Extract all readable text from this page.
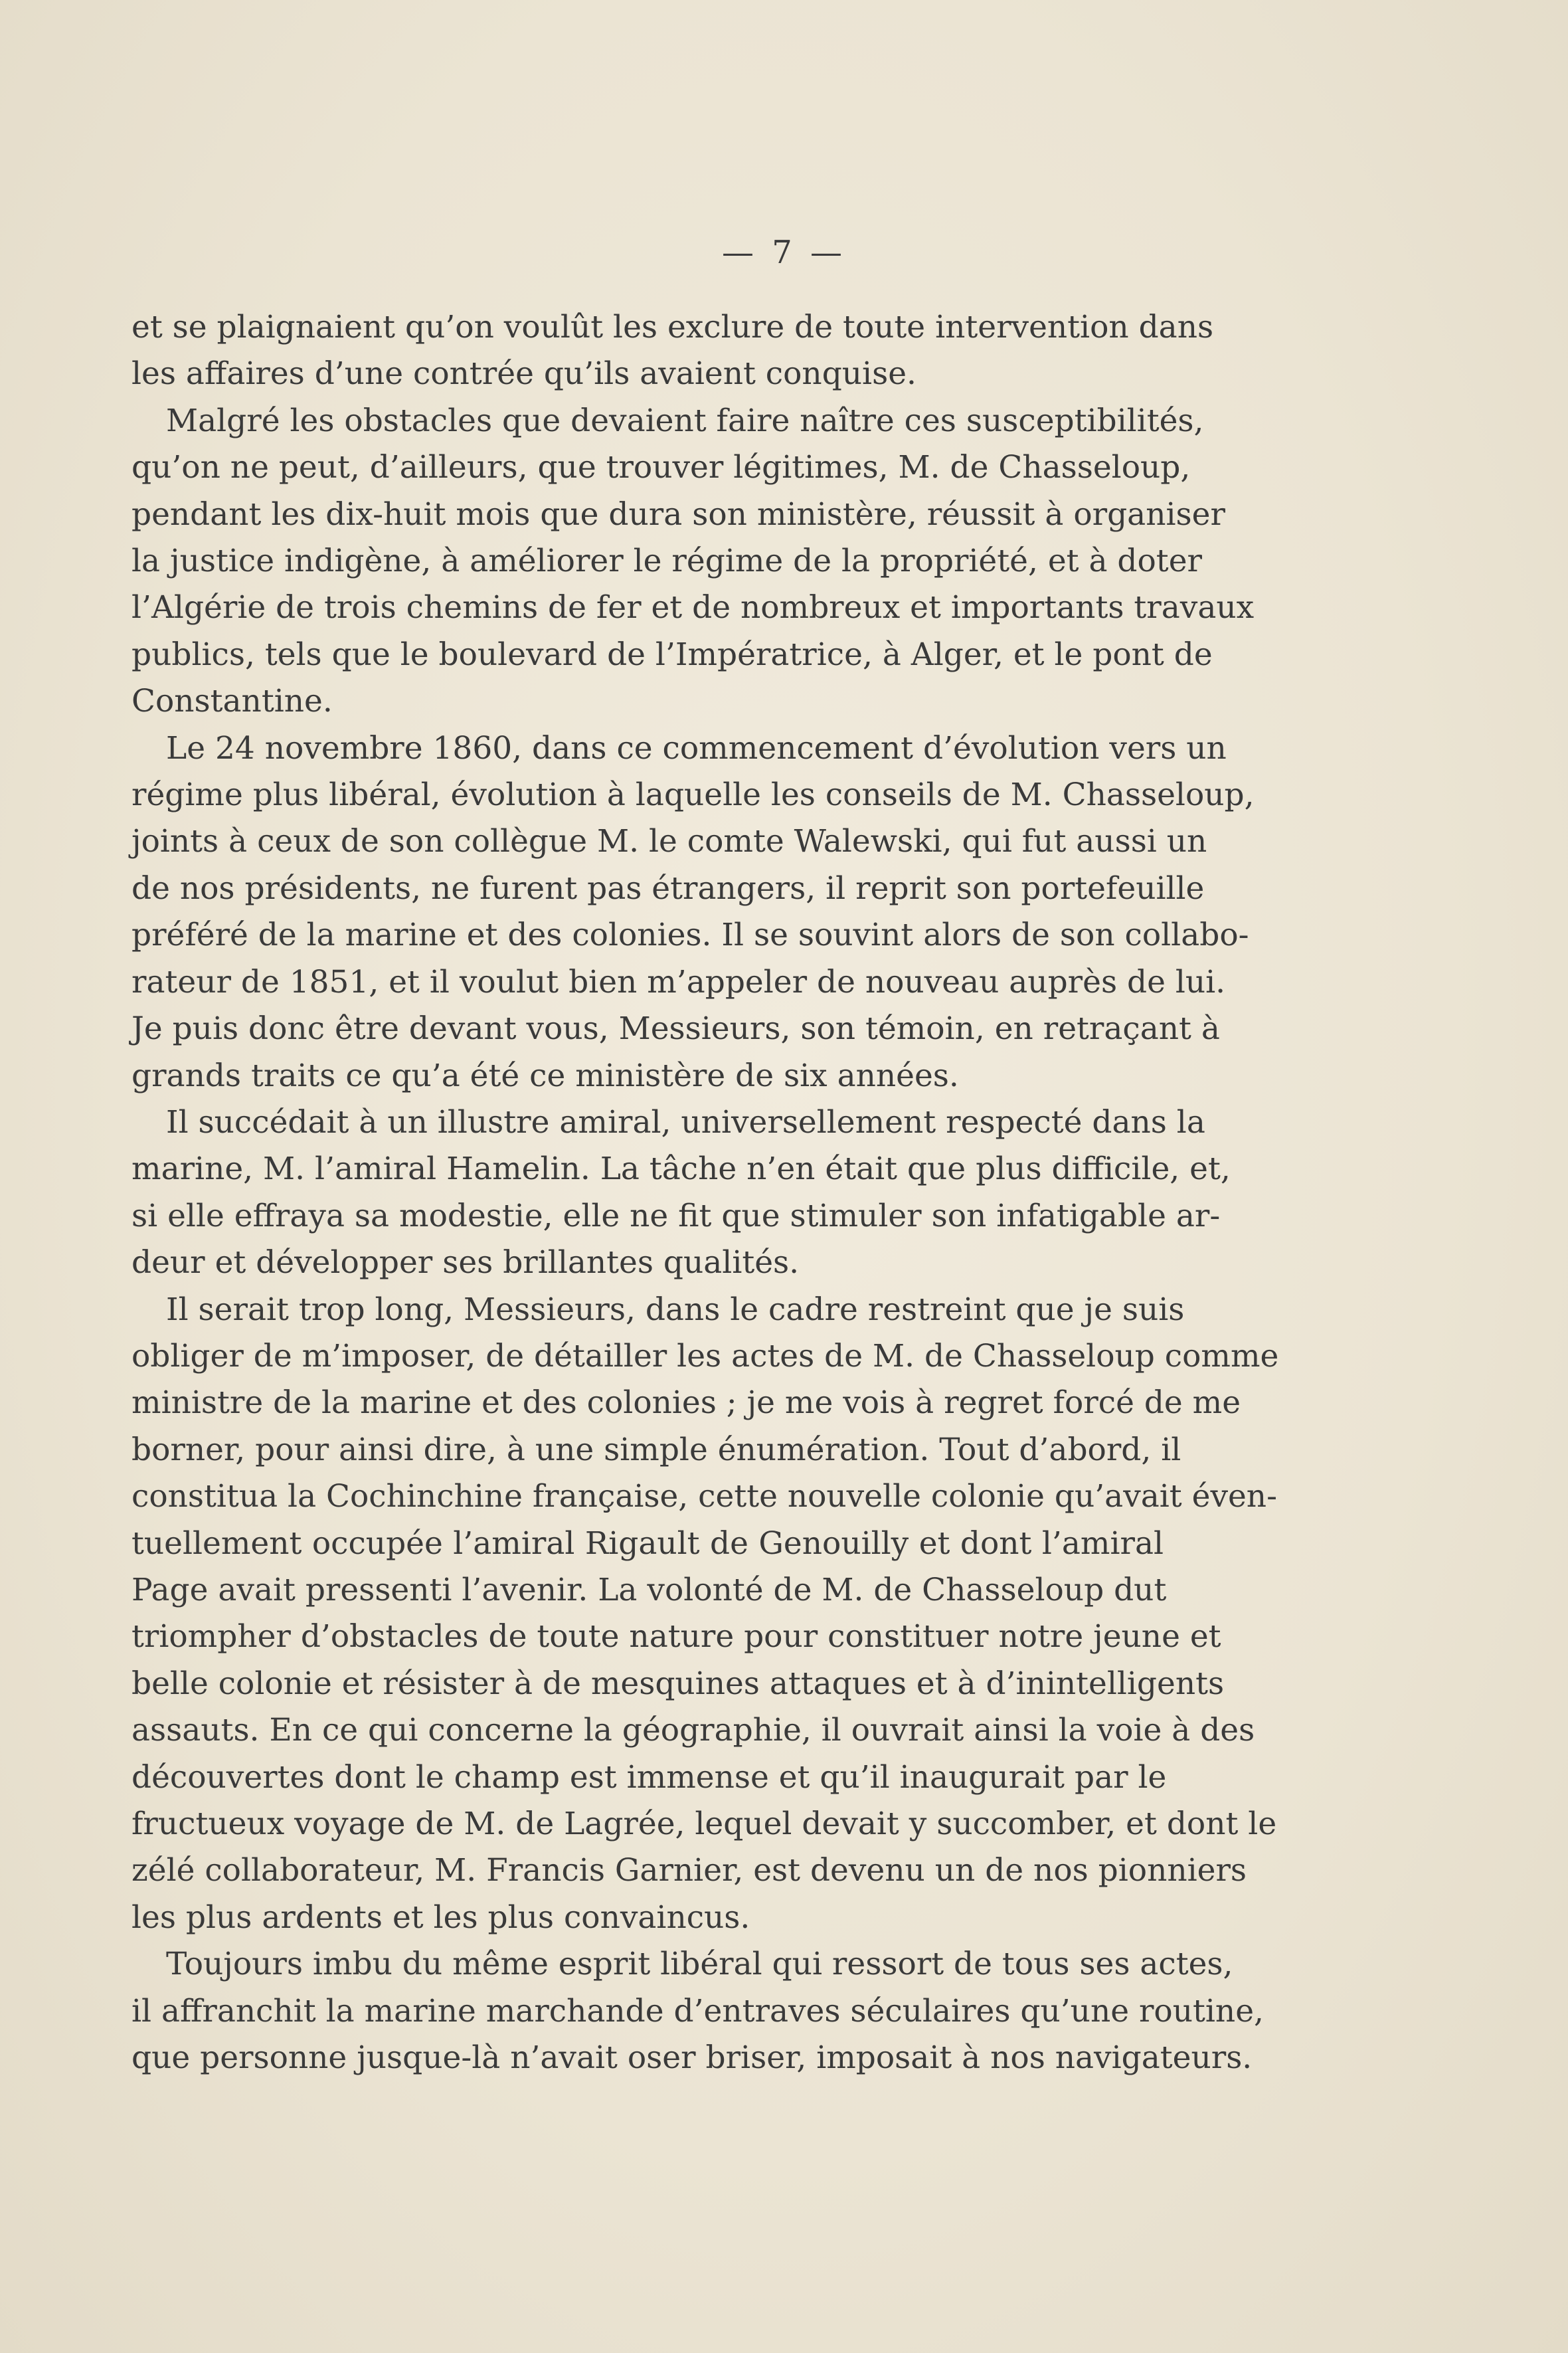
— 7 —
et se plaignaient qu’on voulût les exclure de toute intervention dans
les affaires d’une contrée qu’ils avaient conquise.
Malgré les obstacles que devaient faire naître ces susceptibilités,
qu’on ne peut, d’ailleurs, que trouver légitimes, M. de Chasseloup,
pendant les dix-huit mois que dura son ministère, réussit à organiser
la justice indigène, à améliorer le régime de la propriété, et à doter
l’Algérie de trois chemins de fer et de nombreux et importants travaux
publics, tels que le boulevard de l’Impératrice, à Alger, et le pont de
Constantine.
Le 24 novembre 1860, dans ce commencement d’évolution vers un
régime plus libéral, évolution à laquelle les conseils de M. Chasseloup,
joints à ceux de son collègue M. le comte Walewski, qui fut aussi un
de nos présidents, ne furent pas étrangers, il reprit son portefeuille
préféré de la marine et des colonies. Il se souvint alors de son collabo-
rateur de 1851, et il voulut bien m’appeler de nouveau auprès de lui.
Je puis donc être devant vous, Messieurs, son témoin, en retraçant à
grands traits ce qu’a été ce ministère de six années.
Il succédait à un illustre amiral, universellement respecté dans la
marine, M. l’amiral Hamelin. La tâche n’en était que plus difficile, et,
si elle effraya sa modestie, elle ne fit que stimuler son infatigable ar-
deur et développer ses brillantes qualités.
Il serait trop long, Messieurs, dans le cadre restreint que je suis
obliger de m’imposer, de détailler les actes de M. de Chasseloup comme
ministre de la marine et des colonies ; je me vois à regret forcé de me
borner, pour ainsi dire, à une simple énumération. Tout d’abord, il
constitua la Cochinchine française, cette nouvelle colonie qu’avait éven-
tuellement occupée l’amiral Rigault de Genouilly et dont l’amiral
Page avait pressenti l’avenir. La volonté de M. de Chasseloup dut
triompher d’obstacles de toute nature pour constituer notre jeune et
belle colonie et résister à de mesquines attaques et à d’inintelligents
assauts. En ce qui concerne la géographie, il ouvrait ainsi la voie à des
découvertes dont le champ est immense et qu’il inaugurait par le
fructueux voyage de M. de Lagrée, lequel devait y succomber, et dont le
zélé collaborateur, M. Francis Garnier, est devenu un de nos pionniers
les plus ardents et les plus convaincus.
Toujours imbu du même esprit libéral qui ressort de tous ses actes,
il affranchit la marine marchande d’entraves séculaires qu’une routine,
que personne jusque-là n’avait oser briser, imposait à nos navigateurs.
